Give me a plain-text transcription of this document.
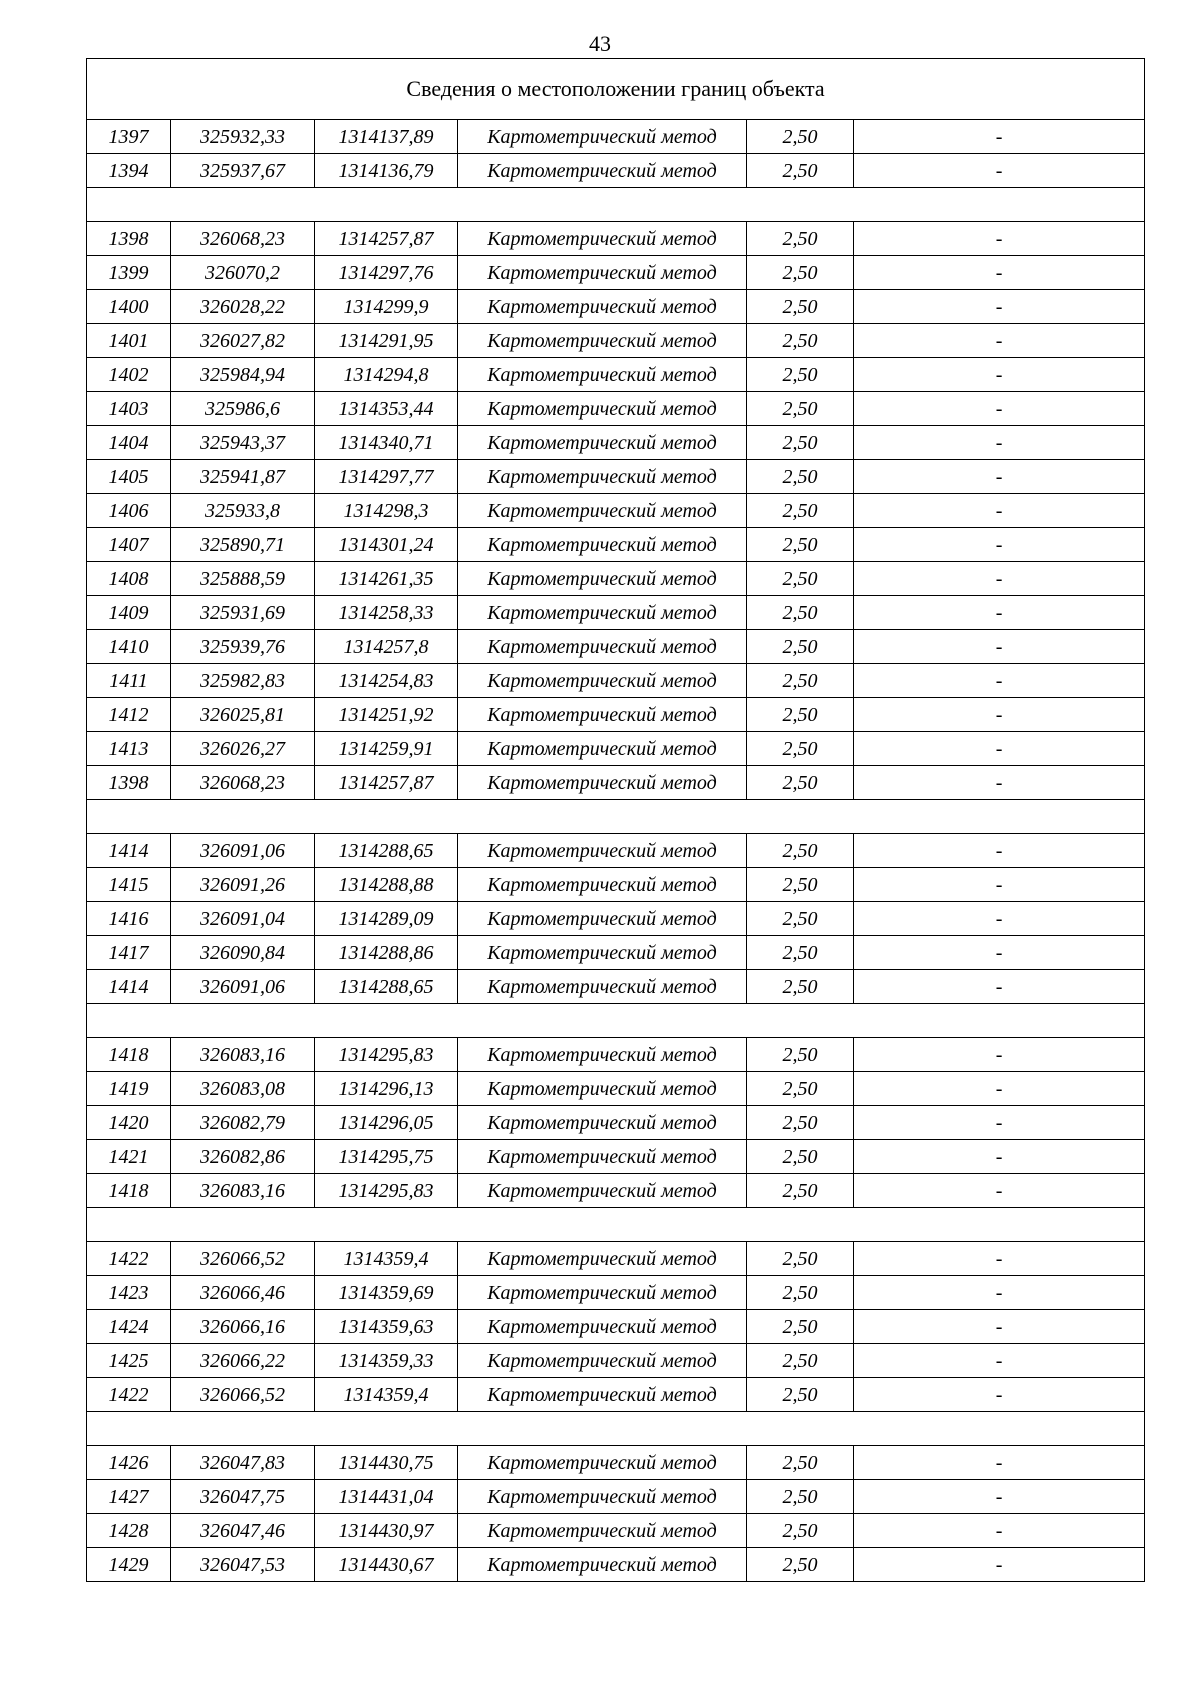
43
Сведения о местоположении границ объекта					
1397	325932,33	1314137,89	Картометрический метод	2,50	-
1394	325937,67	1314136,79	Картометрический метод	2,50	-

1398	326068,23	1314257,87	Картометрический метод	2,50	-
1399	326070,2	1314297,76	Картометрический метод	2,50	-
1400	326028,22	1314299,9	Картометрический метод	2,50	-
1401	326027,82	1314291,95	Картометрический метод	2,50	-
1402	325984,94	1314294,8	Картометрический метод	2,50	-
1403	325986,6	1314353,44	Картометрический метод	2,50	-
1404	325943,37	1314340,71	Картометрический метод	2,50	-
1405	325941,87	1314297,77	Картометрический метод	2,50	-
1406	325933,8	1314298,3	Картометрический метод	2,50	-
1407	325890,71	1314301,24	Картометрический метод	2,50	-
1408	325888,59	1314261,35	Картометрический метод	2,50	-
1409	325931,69	1314258,33	Картометрический метод	2,50	-
1410	325939,76	1314257,8	Картометрический метод	2,50	-
1411	325982,83	1314254,83	Картометрический метод	2,50	-
1412	326025,81	1314251,92	Картометрический метод	2,50	-
1413	326026,27	1314259,91	Картометрический метод	2,50	-
1398	326068,23	1314257,87	Картометрический метод	2,50	-

1414	326091,06	1314288,65	Картометрический метод	2,50	-
1415	326091,26	1314288,88	Картометрический метод	2,50	-
1416	326091,04	1314289,09	Картометрический метод	2,50	-
1417	326090,84	1314288,86	Картометрический метод	2,50	-
1414	326091,06	1314288,65	Картометрический метод	2,50	-

1418	326083,16	1314295,83	Картометрический метод	2,50	-
1419	326083,08	1314296,13	Картометрический метод	2,50	-
1420	326082,79	1314296,05	Картометрический метод	2,50	-
1421	326082,86	1314295,75	Картометрический метод	2,50	-
1418	326083,16	1314295,83	Картометрический метод	2,50	-

1422	326066,52	1314359,4	Картометрический метод	2,50	-
1423	326066,46	1314359,69	Картометрический метод	2,50	-
1424	326066,16	1314359,63	Картометрический метод	2,50	-
1425	326066,22	1314359,33	Картометрический метод	2,50	-
1422	326066,52	1314359,4	Картометрический метод	2,50	-

1426	326047,83	1314430,75	Картометрический метод	2,50	-
1427	326047,75	1314431,04	Картометрический метод	2,50	-
1428	326047,46	1314430,97	Картометрический метод	2,50	-
1429	326047,53	1314430,67	Картометрический метод	2,50	-
